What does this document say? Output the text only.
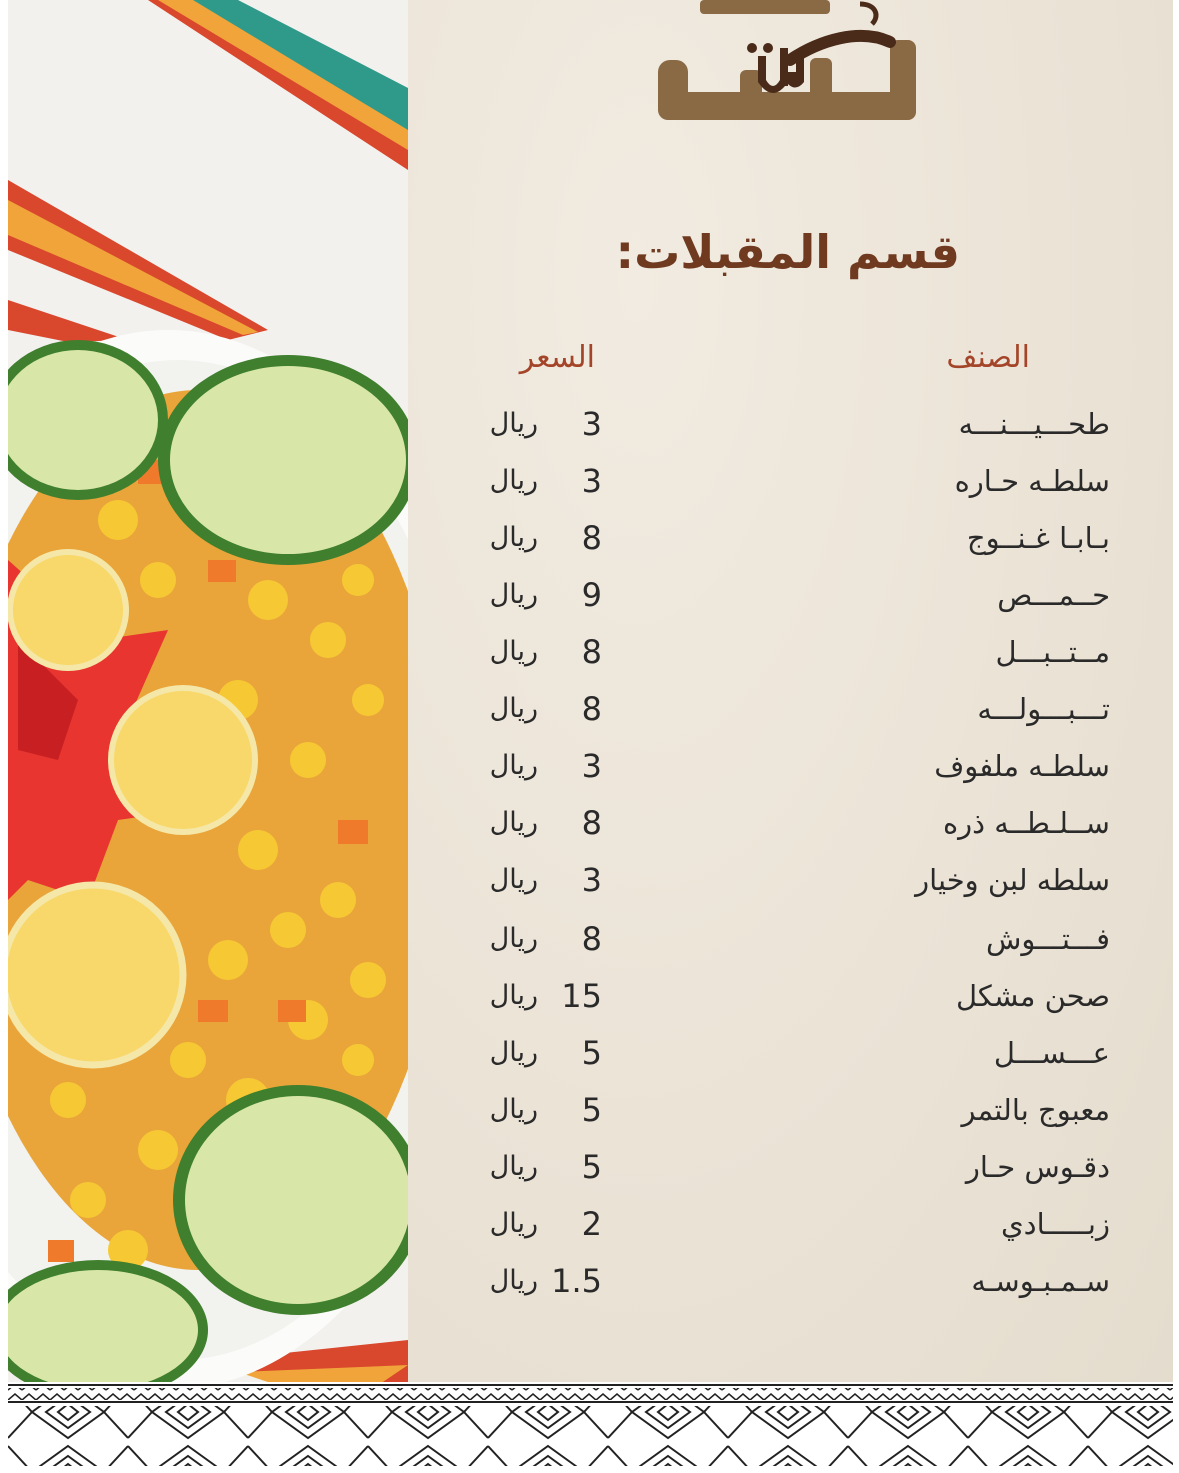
قسم المقبلات:
الصنف
السعر
طحـــيـــنـــه
3
ريال
سلطـه حـاره
3
ريال
بـابـا غـنــوج
8
ريال
حــمـــص
9
ريال
مــتــبـــل
8
ريال
تـــبـــولـــه
8
ريال
سلطـه ملفوف
3
ريال
ســلـطــه ذره
8
ريال
سلطه لبن وخيار
3
ريال
فـــتـــوش
8
ريال
صحن مشكل
15
ريال
عـــســـل
5
ريال
معبوج بالتمر
5
ريال
دقـوس حـار
5
ريال
زبـــــادي
2
ريال
سـمـبـوسـه
1.5
ريال
